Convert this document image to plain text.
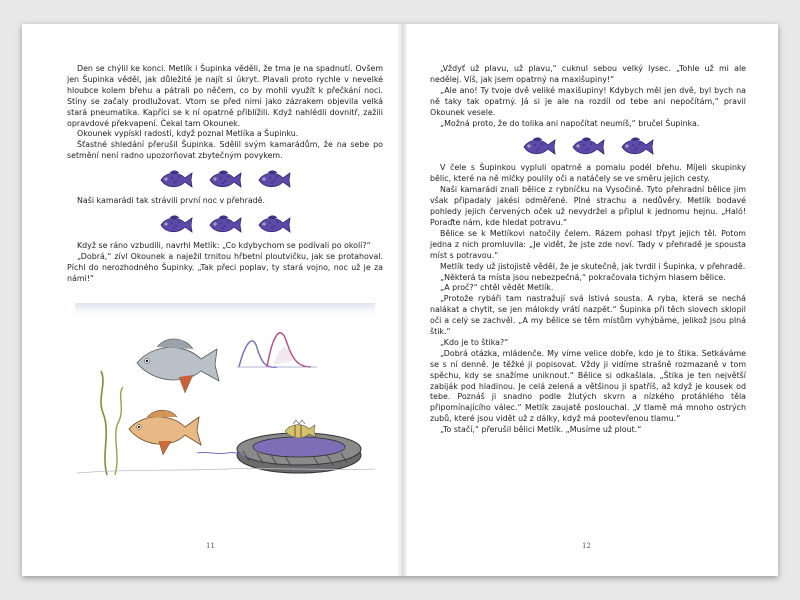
Den se chýlil ke konci. Metlík i Šupinka věděli, že tma je na spadnutí. Ovšem jen Šupinka věděl, jak důležité je najít si úkryt. Plavali proto rychle v nevelké hloubce kolem břehu a pátrali po něčem, co by mohli využít k přečkání noci. Stíny se začaly prodlužovat. Vtom se před nimi jako zázrakem objevila velká stará pneumatika. Kapříci se k ní opatrně přiblížili. Když nahlédli dovnitř, zažili opravdové překvapení. Čekal tam Okounek.

Okounek vypískl radostí, když poznal Metlíka a Šupinku.

Šťastné shledání přerušil Šupinka. Sdělil svým kamarádům, že na sebe po setmění není radno upozorňovat zbytečným povykem.

Naši kamarádi tak strávili první noc v přehradě.

Když se ráno vzbudili, navrhl Metlík: „Co kdybychom se podívali po okolí?“

„Dobrá,“ zívl Okounek a naježil trnitou hřbetní ploutvičku, jak se protahoval. Píchl do nerozhodného Šupinky. „Tak přeci poplav, ty stará vojno, noc už je za námi!“

11

„Vždyť už plavu, už plavu,“ cuknul sebou velký lysec. „Tohle už mi ale nedělej. Víš, jak jsem opatrný na maxišupiny!“

„Ale ano! Ty tvoje dvě veliké maxišupiny! Kdybych měl jen dvě, byl bych na ně taky tak opatrný. Já si je ale na rozdíl od tebe ani nepočítám,“ pravil Okounek vesele.

„Možná proto, že do tolika ani napočítat neumíš,“ bručel Šupinka.

V čele s Šupinkou vypluli opatrně a pomalu podél břehu. Míjeli skupinky bělic, které na ně mlčky poulily oči a natáčely se ve směru jejich cesty.

Naši kamarádi znali bělice z rybníčku na Vysočině. Tyto přehradní bělice jim však připadaly jakési odměřené. Plné strachu a nedůvěry. Metlík bodavé pohledy jejich červených oček už nevydržel a připlul k jednomu hejnu. „Haló! Poraďte nám, kde hledat potravu.“

Bělice se k Metlíkovi natočily čelem. Rázem pohasl třpyt jejich těl. Potom jedna z nich promluvila: „Je vidět, že jste zde noví. Tady v přehradě je spousta míst s potravou.“

Metlík tedy už jistojistě věděl, že je skutečně, jak tvrdil i Šupinka, v přehradě.

„Některá ta místa jsou nebezpečná,“ pokračovala tichým hlasem bělice.

„A proč?“ chtěl vědět Metlík.

„Protože rybáři tam nastražují svá lstivá sousta. A ryba, která se nechá nalákat a chytit, se jen málokdy vrátí nazpět.“ Šupinka při těch slovech sklopil oči a celý se zachvěl. „A my bělice se těm místům vyhýbáme, jelikož jsou plná štik.“

„Kdo je to štika?“

„Dobrá otázka, mládenče. My víme velice dobře, kdo je to štika. Setkáváme se s ní denně. Je těžké ji popisovat. Vždy ji vidíme strašně rozmazaně v tom spěchu, kdy se snažíme uniknout.“ Bělice si odkašlala. „Štika je ten největší zabiják pod hladinou. Je celá zelená a většinou ji spatříš, až když je kousek od tebe. Poznáš ji snadno podle žlutých skvrn a nízkého protáhlého těla připomínajícího válec.“ Metlík zaujatě poslouchal. „V tlamě má mnoho ostrých zubů, které jsou vidět už z dálky, když má pootevřenou tlamu.“

„To stačí,“ přerušil bělici Metlík. „Musíme už plout.“

12
